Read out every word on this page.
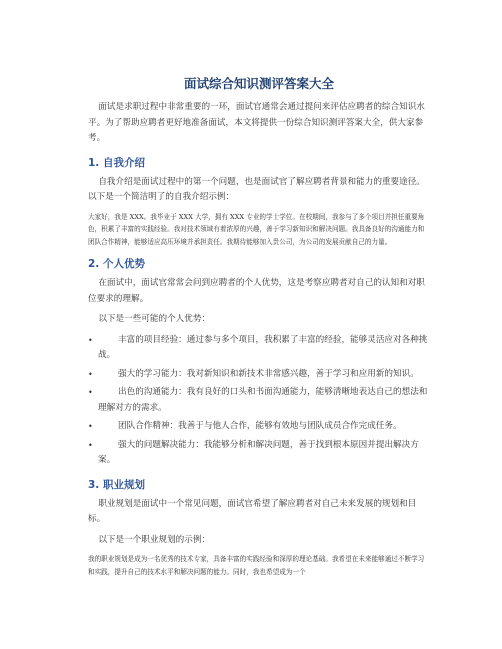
面试综合知识测评答案大全

面试是求职过程中非常重要的一环，面试官通常会通过提问来评估应聘者的综合知识水平。为了帮助应聘者更好地准备面试，本文将提供一份综合知识测评答案大全，供大家参考。

1. 自我介绍

自我介绍是面试过程中的第一个问题，也是面试官了解应聘者背景和能力的重要途径。以下是一个简洁明了的自我介绍示例：

大家好，我是 XXX。我毕业于 XXX 大学，拥有 XXX 专业的学士学位。在校期间，我参与了多个项目并担任重要角色，积累了丰富的实践经验。我对技术领域有着浓厚的兴趣，善于学习新知识和解决问题。我具备良好的沟通能力和团队合作精神，能够适应高压环境并承担责任。我期待能够加入贵公司，为公司的发展贡献自己的力量。

2. 个人优势

在面试中，面试官常常会问到应聘者的个人优势，这是考察应聘者对自己的认知和对职位要求的理解。

以下是一些可能的个人优势：

•	丰富的项目经验：通过参与多个项目，我积累了丰富的经验，能够灵活应对各种挑战。
•	强大的学习能力：我对新知识和新技术非常感兴趣，善于学习和应用新的知识。
•	出色的沟通能力：我有良好的口头和书面沟通能力，能够清晰地表达自己的想法和理解对方的需求。
•	团队合作精神：我善于与他人合作，能够有效地与团队成员合作完成任务。
•	强大的问题解决能力：我能够分析和解决问题，善于找到根本原因并提出解决方案。
3. 职业规划

职业规划是面试中一个常见问题，面试官希望了解应聘者对自己未来发展的规划和目标。

以下是一个职业规划的示例：

我的职业规划是成为一名优秀的技术专家，具备丰富的实践经验和深厚的理论基础。我希望在未来能够通过不断学习和实践，提升自己的技术水平和解决问题的能力。同时，我也希望成为一个
